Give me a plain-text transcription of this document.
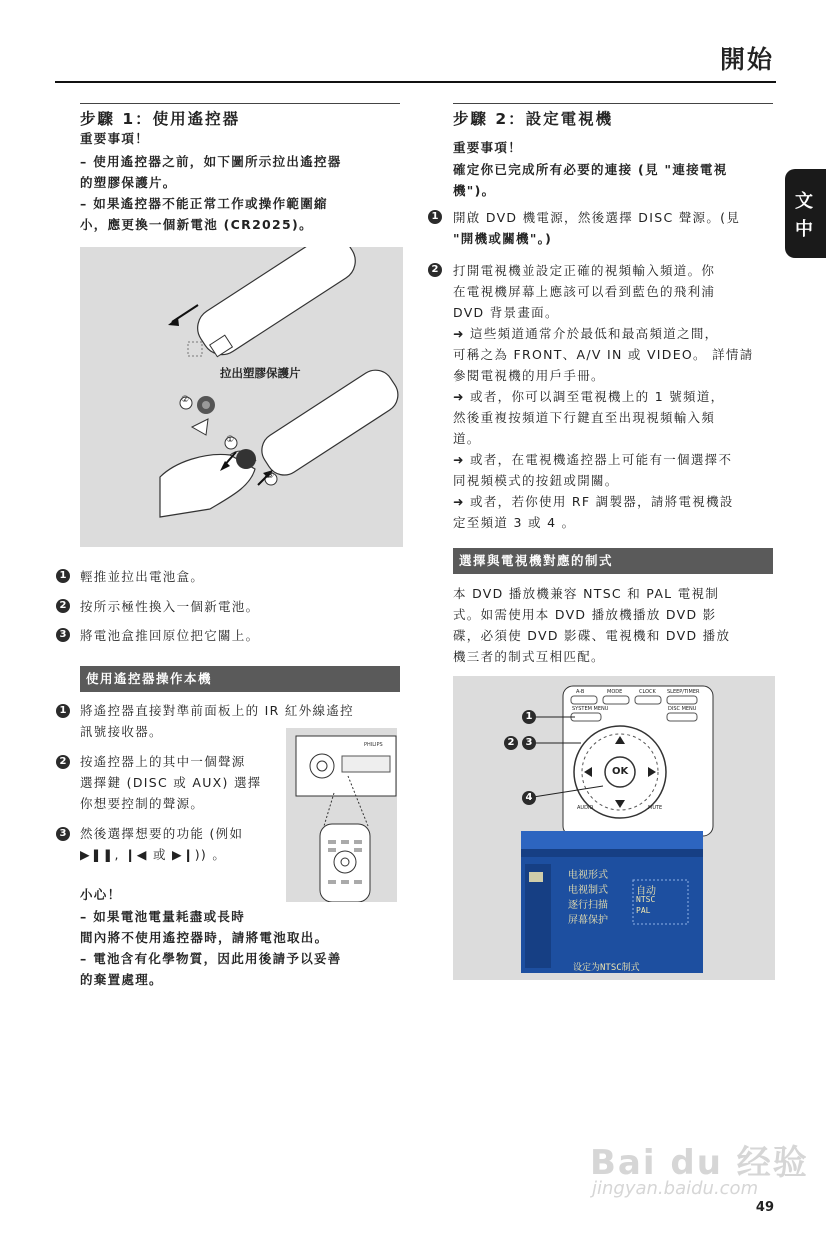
開始
文
中
步驟 1：使用遙控器
重要事項！
– 使用遙控器之前，如下圖所示拉出遙控器
的塑膠保護片。
– 如果遙控器不能正常工作或操作範圍縮
小，應更換一個新電池 (CR2025)。
拉出塑膠保護片
②
①
③
1 輕推並拉出電池盒。
2 按所示極性換入一個新電池。
3 將電池盒推回原位把它關上。
使用遙控器操作本機
1 將遙控器直接對準前面板上的 IR 紅外線遙控
訊號接收器。
2 按遙控器上的其中一個聲源
選擇鍵 (DISC 或 AUX) 選擇
你想要控制的聲源。
3 然後選擇想要的功能 (例如
▶❚❚, ❙◀ 或 ▶❙)) 。
PHILIPS
小心！
– 如果電池電量耗盡或長時
間內將不使用遙控器時，請將電池取出。
– 電池含有化學物質，因此用後請予以妥善
的棄置處理。
步驟 2：設定電視機
重要事項！
確定你已完成所有必要的連接 (見 "連接電視
機")。
1 開啟 DVD 機電源，然後選擇 DISC 聲源。(見
"開機或關機"。)
2 打開電視機並設定正確的視頻輸入頻道。你
在電視機屏幕上應該可以看到藍色的飛利浦
DVD 背景畫面。
➜ 這些頻道通常介於最低和最高頻道之間，
可稱之為 FRONT、A/V IN 或 VIDEO。 詳情請
參閱電視機的用戶手冊。
➜ 或者，你可以調至電視機上的 1 號頻道，
然後重複按頻道下行鍵直至出現視頻輸入頻
道。
➜ 或者，在電視機遙控器上可能有一個選擇不
同視頻模式的按鈕或開關。
➜ 或者，若你使用 RF 調製器，請將電視機設
定至頻道 3 或 4 。
選擇與電視機對應的制式
本 DVD 播放機兼容 NTSC 和 PAL 電視制
式。如需使用本 DVD 播放機播放 DVD 影
碟，必須使 DVD 影碟、電視機和 DVD 播放
機三者的制式互相匹配。
A-B	MODE	CLOCK SLEEP/TIMER
SYSTEM MENU	DISC MENU
AUDIO	MUTE
OK
1
2	3
4
电视形式
电视制式
逐行扫描
屏幕保护
自动
NTSC
PAL
设定为NTSC制式
Bai du 经验
jingyan.baidu.com
49
